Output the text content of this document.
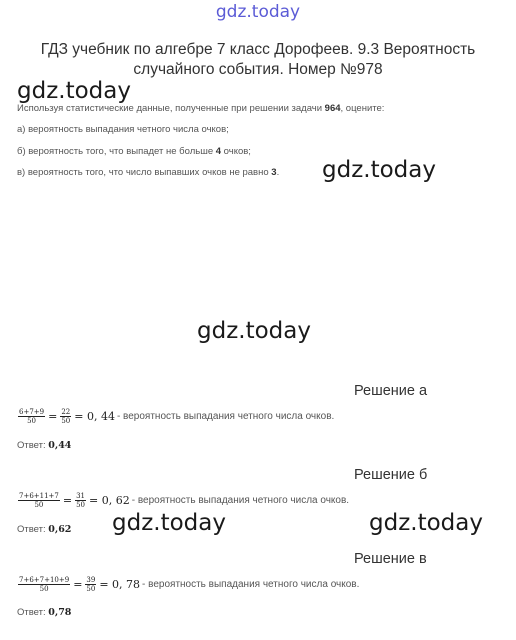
gdz.today
ГДЗ учебник по алгебре 7 класс Дорофеев. 9.3 Вероятность случайного события. Номер №978
gdz.today
Используя статистические данные, полученные при решении задачи 964, оцените:
а) вероятность выпадания четного числа очков;
б) вероятность того, что выпадет не больше 4 очков;
в) вероятность того, что число выпавших очков не равно 3. gdz.today
gdz.today
Решение а
$\frac{6+7+9}{50} = \frac{22}{50} = 0$, 44 - вероятность выпадания четного числа очков.
Ответ: 0,44
Решение б
$\frac{7+6+11+7}{50} = \frac{31}{50} = 0$, 62 - вероятность выпадания четного числа очков.
gdz.today	gdz.today
Ответ: 0,62
Решение в
$\frac{7+6+7+10+9}{50} = \frac{39}{50} = 0$, 78 - вероятность выпадания четного числа очков.
Ответ: 0,78
